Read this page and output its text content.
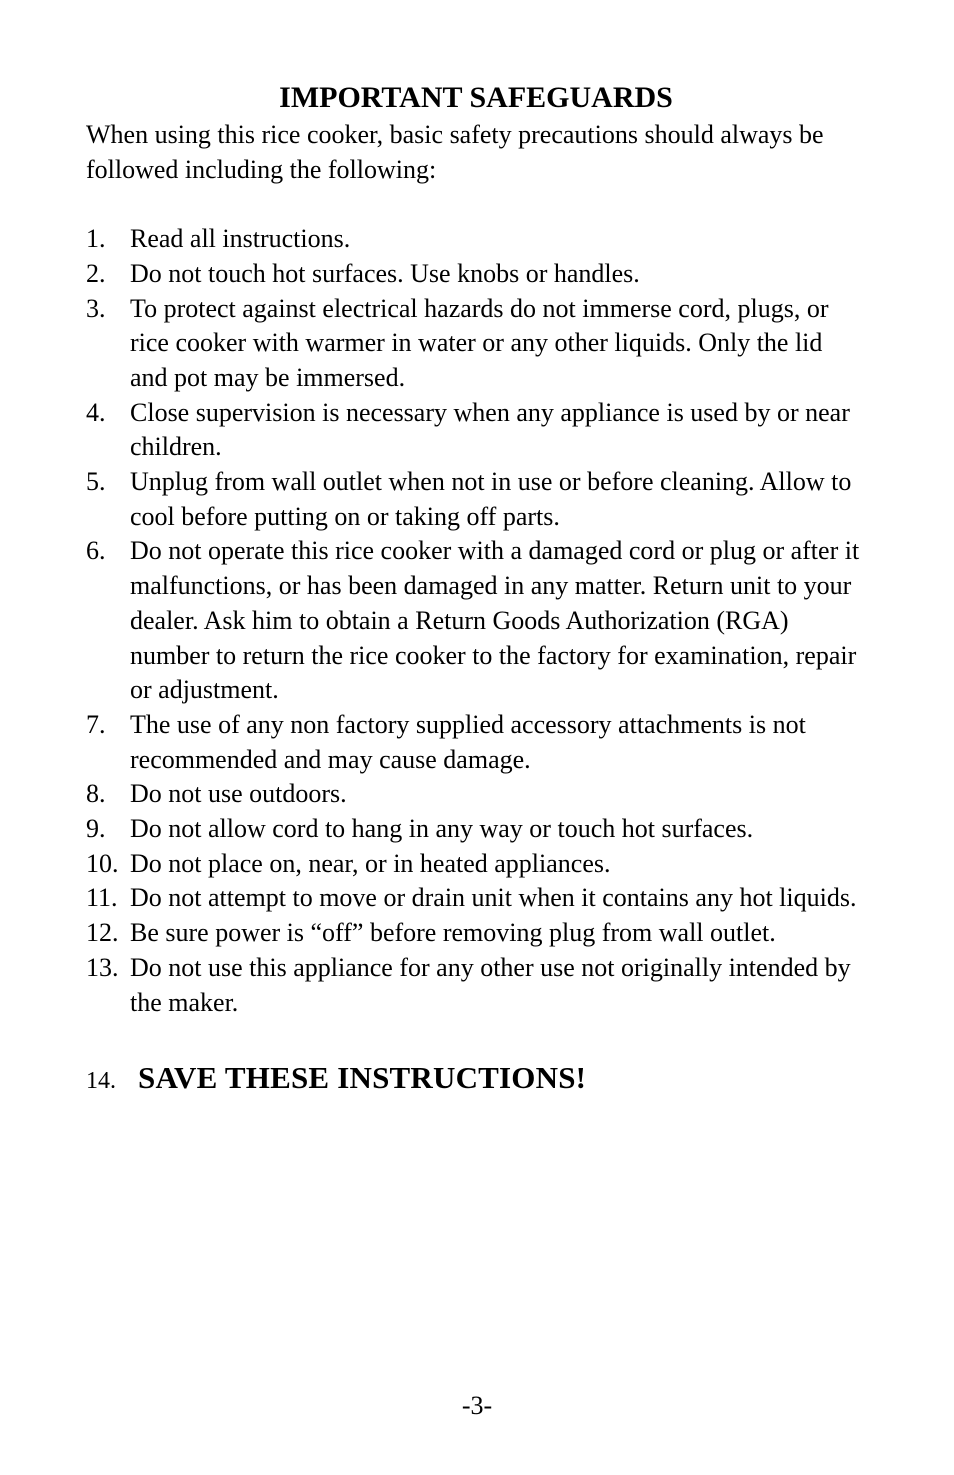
IMPORTANT SAFEGUARDS

When using this rice cooker, basic safety precautions should always be followed including the following:

1. Read all instructions.
2. Do not touch hot surfaces. Use knobs or handles.
3. To protect against electrical hazards do not immerse cord, plugs, or rice cooker with warmer in water or any other liquids. Only the lid and pot may be immersed.
4. Close supervision is necessary when any appliance is used by or near children.
5. Unplug from wall outlet when not in use or before cleaning. Allow to cool before putting on or taking off parts.
6. Do not operate this rice cooker with a damaged cord or plug or after it malfunctions, or has been damaged in any matter. Return unit to your dealer. Ask him to obtain a Return Goods Authorization (RGA) number to return the rice cooker to the factory for examination, repair or adjustment.
7. The use of any non factory supplied accessory attachments is not recommended and may cause damage.
8. Do not use outdoors.
9. Do not allow cord to hang in any way or touch hot surfaces.
10. Do not place on, near, or in heated appliances.
11. Do not attempt to move or drain unit when it contains any hot liquids.
12. Be sure power is “off” before removing plug from wall outlet.
13. Do not use this appliance for any other use not originally intended by the maker.
14. SAVE THESE INSTRUCTIONS!
-3-
